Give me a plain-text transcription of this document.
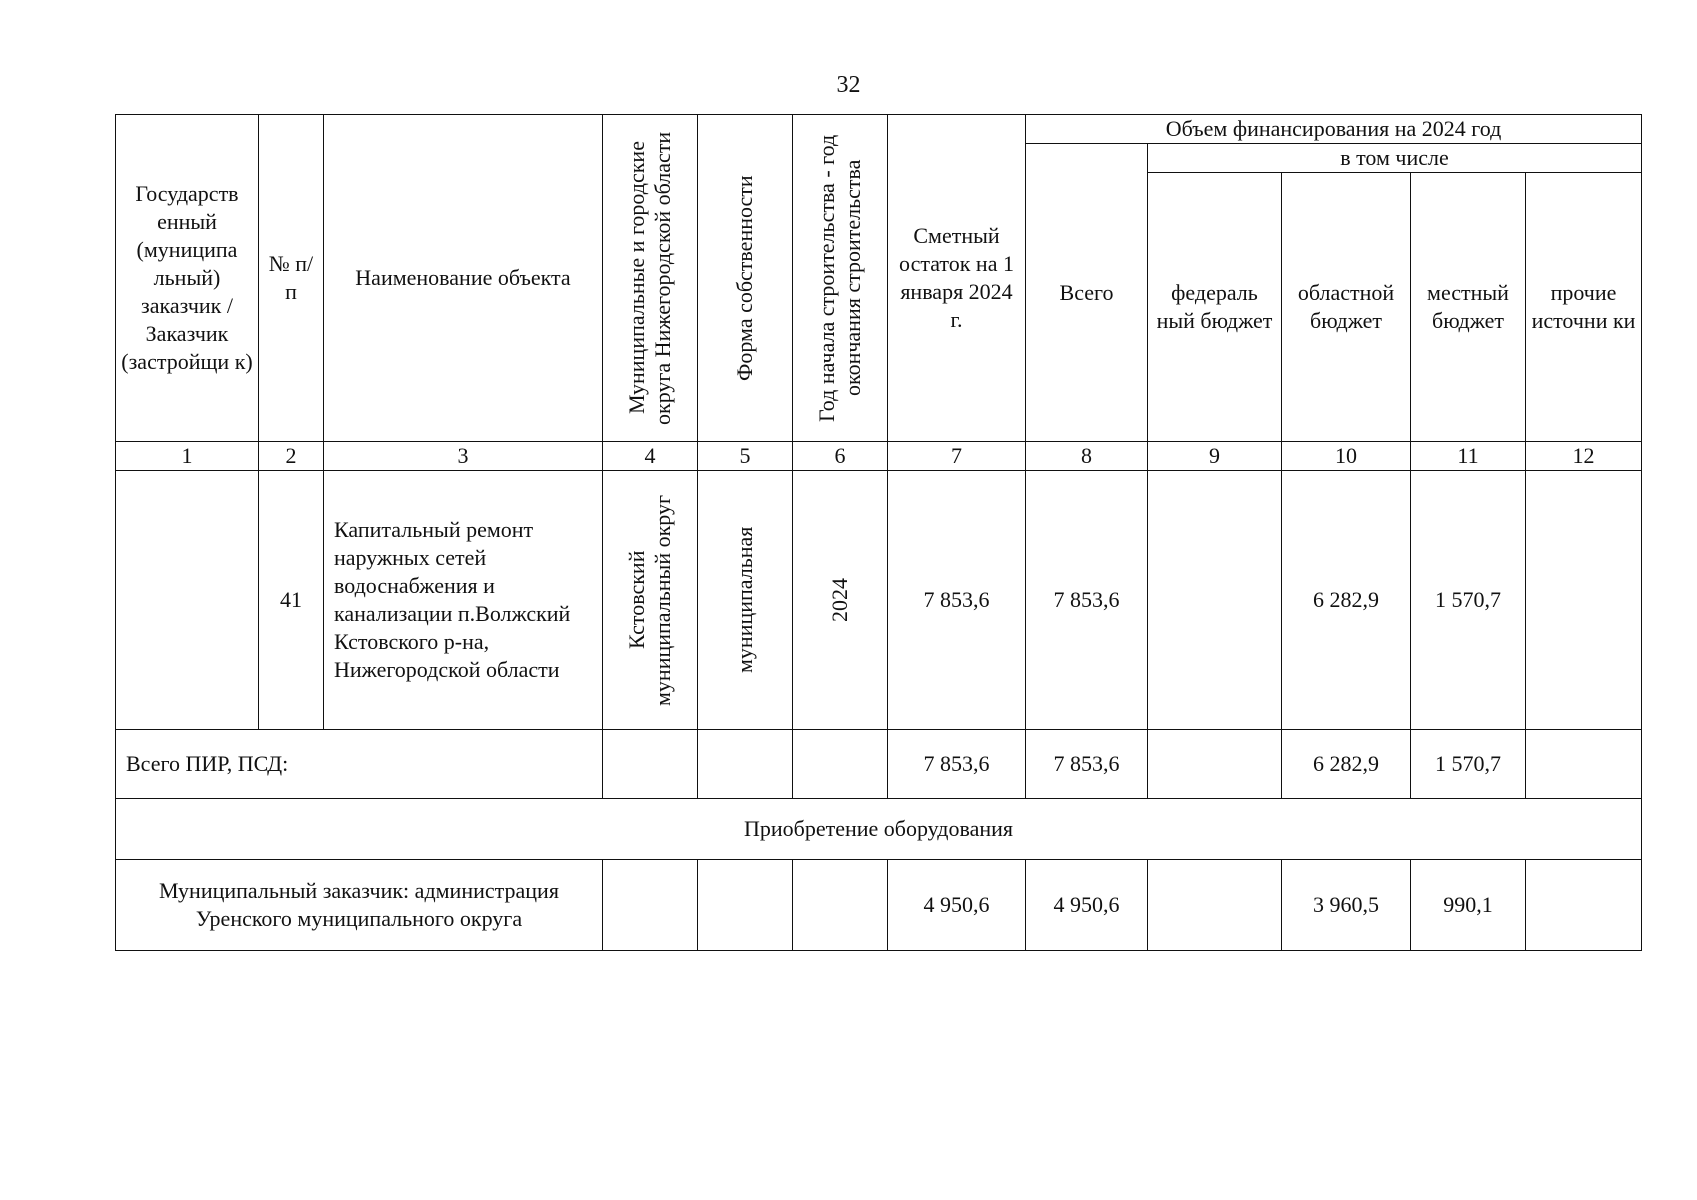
32
Государств енный (муниципа льный) заказчик / Заказчик (застройщи к)	№ п/п	Наименование объекта	Муниципальные и городские округа Нижегородской области	Форма собственности	Год начала строительства - год окончания строительства	Сметный остаток на 1 января 2024 г.	Объем финансирования на 2024 год				
							Всего	в том числе			
								федераль ный бюджет	областной бюджет	местный бюджет	прочие источни ки
1	2	3	4	5	6	7	8	9	10	11	12
	41	Капитальный ремонт наружных сетей водоснабжения и канализации п.Волжский Кстовского р-на, Нижегородской области	Кстовский муниципальный округ	муниципальная	2024	7 853,6	7 853,6		6 282,9	1 570,7	
Всего ПИР, ПСД:						7 853,6	7 853,6		6 282,9	1 570,7	
Приобретение оборудования											
Муниципальный заказчик: администрация Уренского муниципального округа						4 950,6	4 950,6		3 960,5	990,1	
